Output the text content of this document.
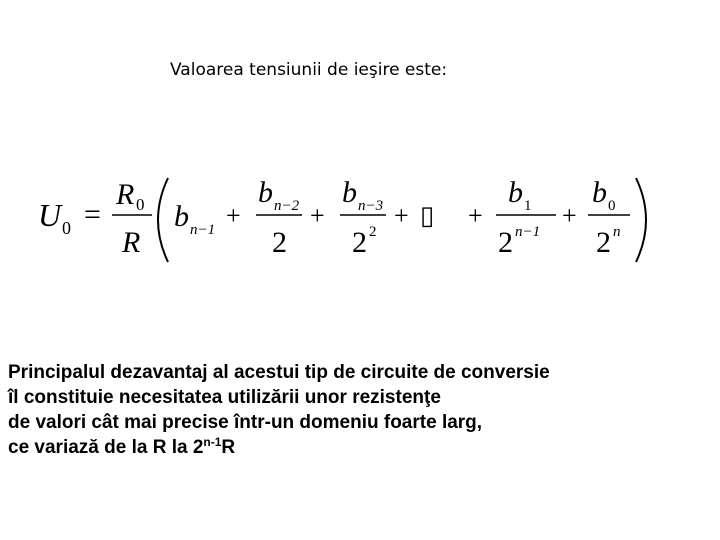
Valoarea tensiunii de ieşire este:
U 0 =
R 0
R
b n−1 +
b n−2
2
+
b n−3
2 2
+ ▯ +
b 1
2 n−1
+
b 0
2 n
Principalul dezavantaj al acestui tip de circuite de conversie
îl constituie necesitatea utilizării unor rezistenţe
de valori cât mai precise într-un domeniu foarte larg,
ce variază de la R la 2$^{n-1}$R
